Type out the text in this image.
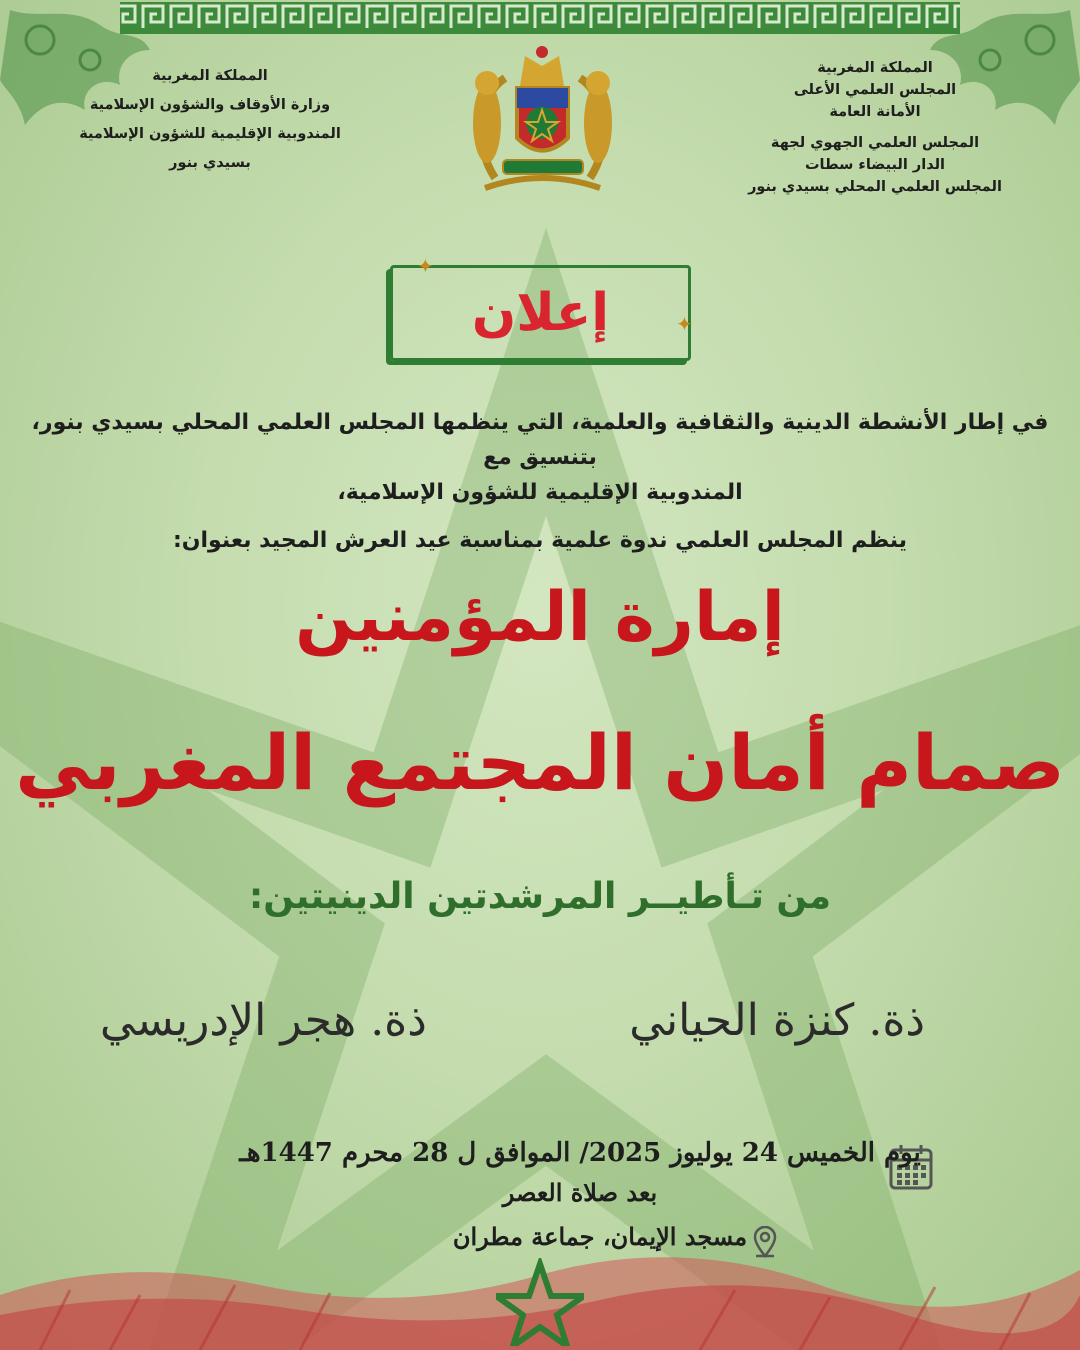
المملكة المغربية
وزارة الأوقاف والشؤون الإسلامية
المندوبية الإقليمية للشؤون الإسلامية
بسيدي بنور
المملكة المغربية
المجلس العلمي الأعلى
الأمانة العامة
المجلس العلمي الجهوي لجهة
الدار البيضاء سطات
المجلس العلمي المحلي بسيدي بنور
إعلان
✦
✦

في إطار الأنشطة الدينية والثقافية والعلمية، التي ينظمها المجلس العلمي المحلي بسيدي بنور، بتنسيق مع

المندوبية الإقليمية للشؤون الإسلامية،

ينظم المجلس العلمي ندوة علمية بمناسبة عيد العرش المجيد بعنوان:

إمارة المؤمنين
صمام أمان المجتمع المغربي
من تـأطيــر المرشدتين الدينيتين:
ذة. كنزة الحياني
ذة. هجر الإدريسي
يوم الخميس 24 يوليوز 2025/ الموافق ل 28 محرم 1447هـ
بعد صلاة العصر
مسجد الإيمان، جماعة مطران
